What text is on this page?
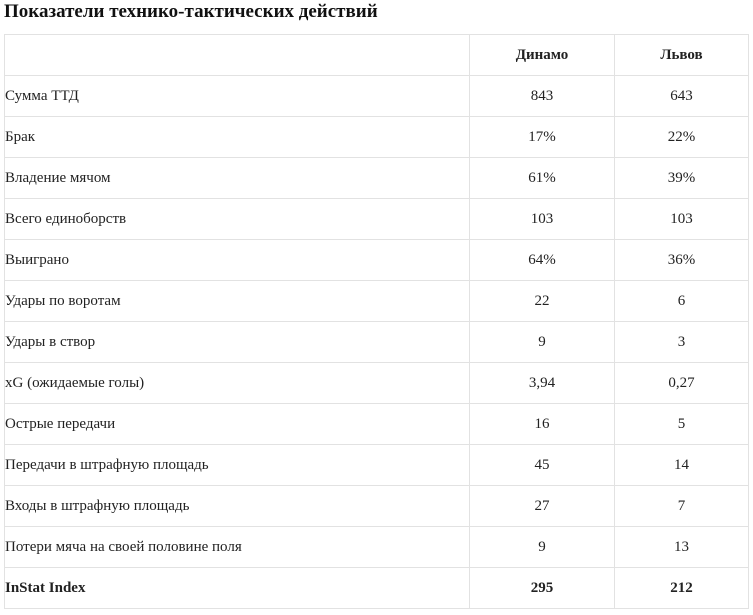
Показатели технико-тактических действий
	Динамо	Львов
Сумма ТТД	843	643
Брак	17%	22%
Владение мячом	61%	39%
Всего единоборств	103	103
Выиграно	64%	36%
Удары по воротам	22	6
Удары в створ	9	3
xG (ожидаемые голы)	3,94	0,27
Острые передачи	16	5
Передачи в штрафную площадь	45	14
Входы в штрафную площадь	27	7
Потери мяча на своей половине поля	9	13
InStat Index	295	212
